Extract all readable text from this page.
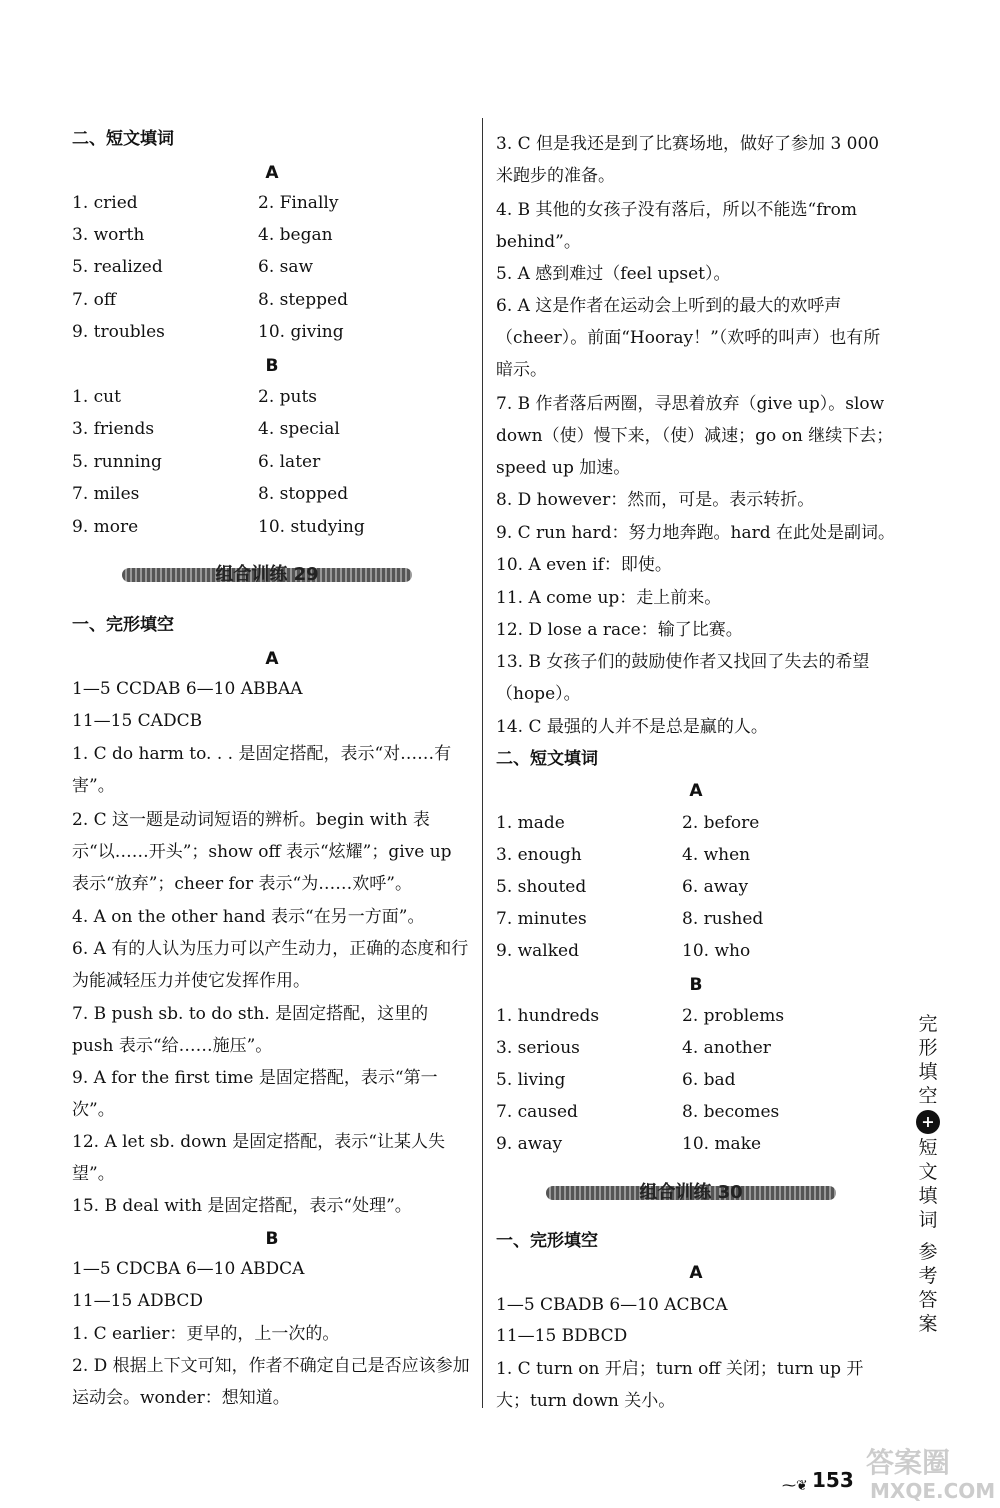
二、短文填词
A
1. cried	2. Finally
3. worth	4. began
5. realized	6. saw
7. off	8. stepped
9. troubles	10. giving
B
1. cut	2. puts
3. friends	4. special
5. running	6. later
7. miles	8. stopped
9. more	10. studying
组合训练 29
一、完形填空
A
1—5 CCDAB 6—10 ABBAA
11—15 CADCB
1. C do harm to. . . 是固定搭配，表示“对……有害”。
2. C 这一题是动词短语的辨析。begin with 表示“以……开头”；show off 表示“炫耀”；give up 表示“放弃”；cheer for 表示“为……欢呼”。
4. A on the other hand 表示“在另一方面”。
6. A 有的人认为压力可以产生动力，正确的态度和行为能减轻压力并使它发挥作用。
7. B push sb. to do sth. 是固定搭配，这里的 push 表示“给……施压”。
9. A for the first time 是固定搭配，表示“第一次”。
12. A let sb. down 是固定搭配，表示“让某人失望”。
15. B deal with 是固定搭配，表示“处理”。
B
1—5 CDCBA 6—10 ABDCA
11—15 ADBCD
1. C earlier：更早的，上一次的。
2. D 根据上下文可知，作者不确定自己是否应该参加运动会。wonder：想知道。
3. C 但是我还是到了比赛场地，做好了参加 3 000米跑步的准备。
4. B 其他的女孩子没有落后，所以不能选“from behind”。
5. A 感到难过（feel upset）。
6. A 这是作者在运动会上听到的最大的欢呼声（cheer）。前面“Hooray！”（欢呼的叫声）也有所暗示。
7. B 作者落后两圈，寻思着放弃（give up）。slow down（使）慢下来，（使）减速；go on 继续下去；speed up 加速。
8. D however：然而，可是。表示转折。
9. C run hard：努力地奔跑。hard 在此处是副词。
10. A even if：即使。
11. A come up：走上前来。
12. D lose a race：输了比赛。
13. B 女孩子们的鼓励使作者又找回了失去的希望（hope）。
14. C 最强的人并不是总是赢的人。
二、短文填词
A
1. made	2. before
3. enough	4. when
5. shouted	6. away
7. minutes	8. rushed
9. walked	10. who
B
1. hundreds	2. problems
3. serious	4. another
5. living	6. bad
7. caused	8. becomes
9. away	10. make
组合训练 30
一、完形填空
A
1—5 CBADB 6—10 ACBCA
11—15 BDBCD
1. C turn on 开启；turn off 关闭；turn up 开大；turn down 关小。
完
形
填
空
+
短
文
填
词
参
考
答
案
⁓❦ 153
答案圈
MXQE.COM
